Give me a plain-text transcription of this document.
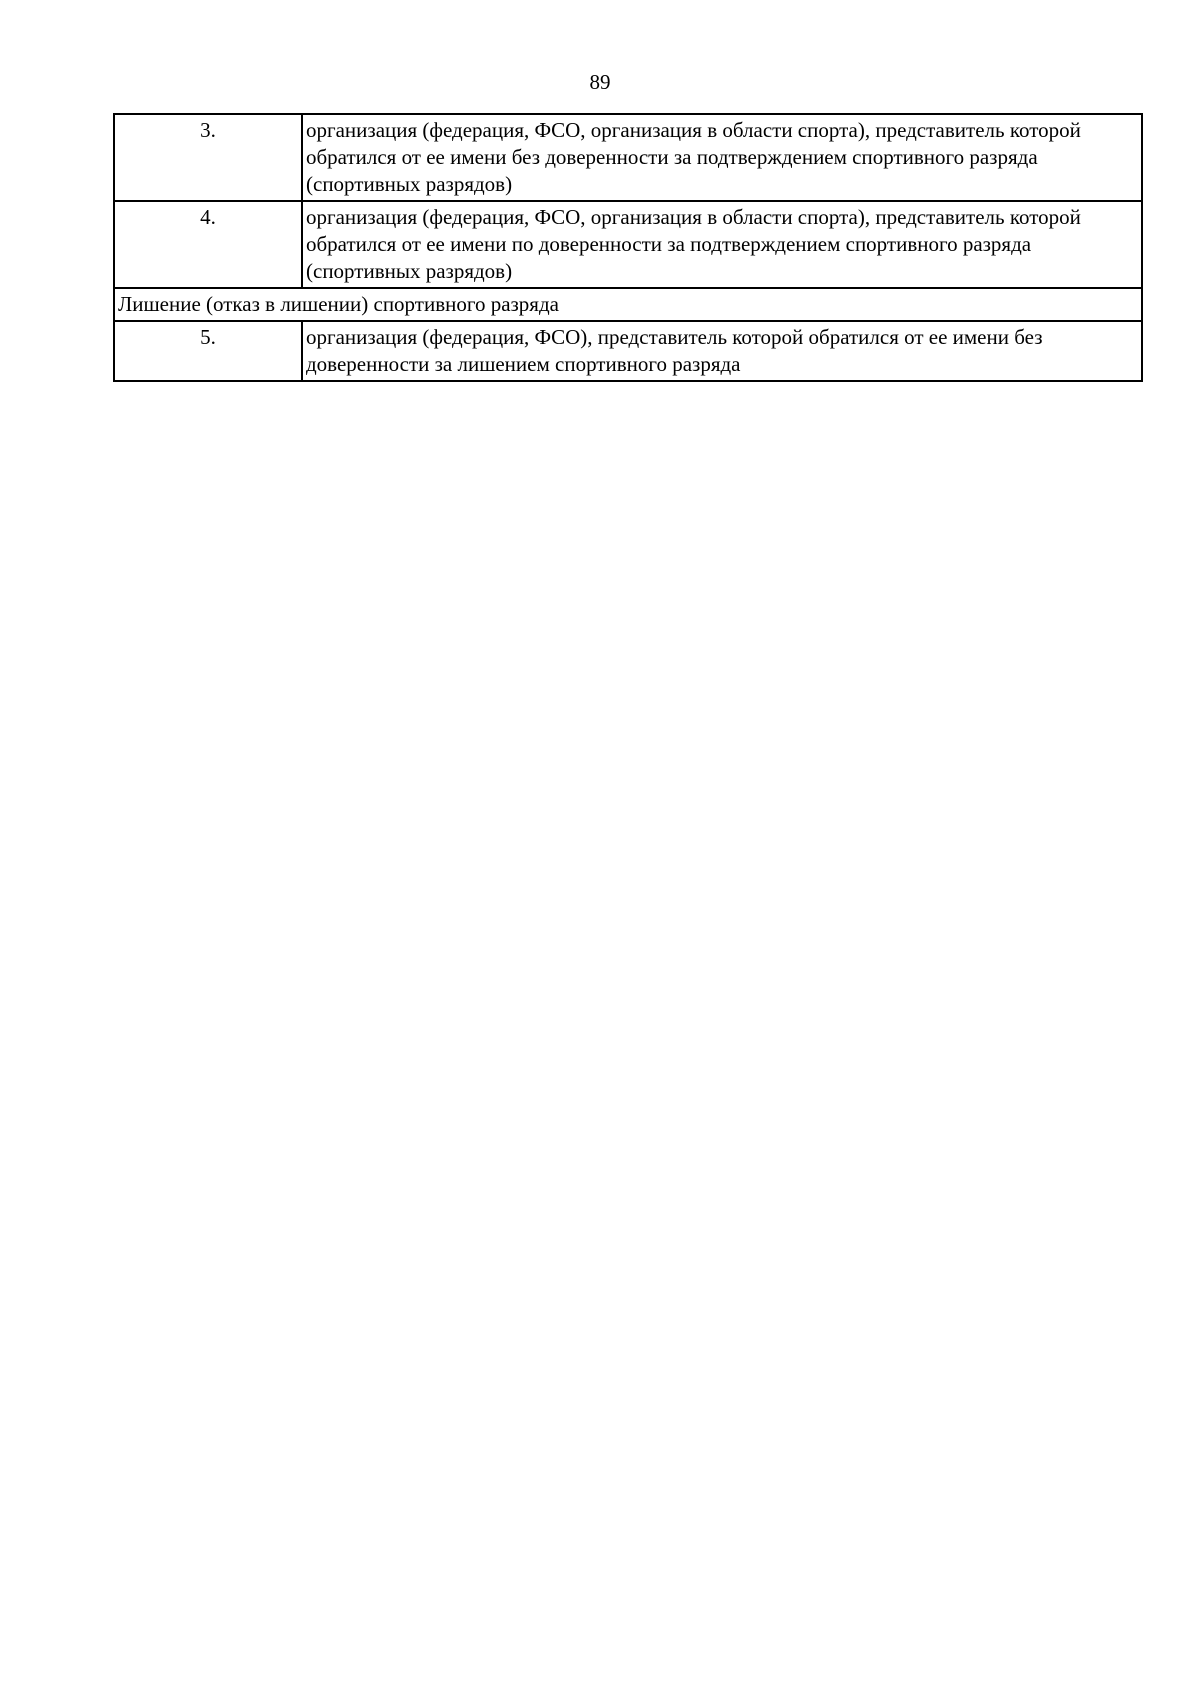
89
3.	организация (федерация, ФСО, организация в области спорта), представитель которой обратился от ее имени без доверенности за подтверждением спортивного разряда (спортивных разрядов)
4.	организация (федерация, ФСО, организация в области спорта), представитель которой обратился от ее имени по доверенности за подтверждением спортивного разряда (спортивных разрядов)
Лишение (отказ в лишении) спортивного разряда	
5.	организация (федерация, ФСО), представитель которой обратился от ее имени без доверенности за лишением спортивного разряда
